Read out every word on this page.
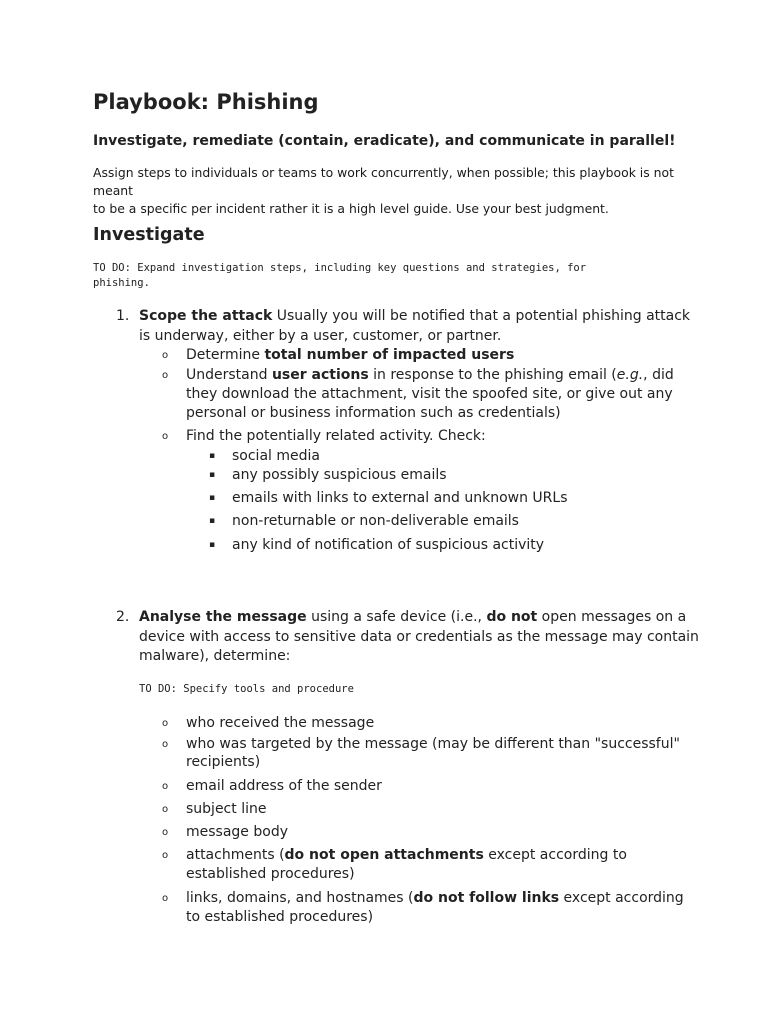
Playbook: Phishing
Investigate, remediate (contain, eradicate), and communicate in parallel!
Assign steps to individuals or teams to work concurrently, when possible; this playbook is not meant
to be a specific per incident rather it is a high level guide. Use your best judgment.
Investigate
TO DO: Expand investigation steps, including key questions and strategies, for
phishing.
1. Scope the attack Usually you will be notified that a potential phishing attack
is underway, either by a user, customer, or partner.
o Determine total number of impacted users
o Understand user actions in response to the phishing email (e.g., did
they download the attachment, visit the spoofed site, or give out any
personal or business information such as credentials)
o Find the potentially related activity. Check:
▪ social media
▪ any possibly suspicious emails
▪ emails with links to external and unknown URLs
▪ non-returnable or non-deliverable emails
▪ any kind of notification of suspicious activity
2. Analyse the message using a safe device (i.e., do not open messages on a
device with access to sensitive data or credentials as the message may contain
malware), determine:
TO DO: Specify tools and procedure
o who received the message
o who was targeted by the message (may be different than "successful"
recipients)
o email address of the sender
o subject line
o message body
o attachments (do not open attachments except according to
established procedures)
o links, domains, and hostnames (do not follow links except according
to established procedures)
